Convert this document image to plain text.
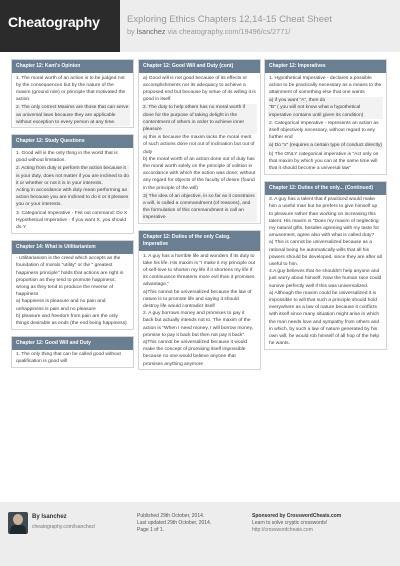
Cheatography	Exploring Ethics Chapters 12,14-15 Cheat Sheet
by lsanchez via cheatography.com/19496/cs/2771/
Chapter 12: Kant's Opinion
1. The moral worth of an action is to be judged not by the consequences but by the nature of the maxim (ground rule) or principle that motivated the action.
2. The only correct Maxims are those that can serve as universal laws because they are applicable without exception to every person at any time.
Chapter 12: Study Questions
1. Good will is the only thing in the world that is good without limitation.
2. Acting from duty is perform the action because it is your duty, does not matter if you are inclined to do it or whether or not it is in your interests.
Acting in accordance with duty mean performing an action because you are inclined to do it or it pleases you or your interests.
3. Categorical Imperative - Fist out command: Do X
Hypothetical Imperative - If you want X, you should do Y
Chapter 14: What is Utilitarianism
- Utilitarianism is the creed which accepts as the foundation of morals "utility" or the " greatest happiness principle" holds that actions are right in proportion as they tend to promote happiness; wrong as they tend to produce the reverse of happiness
a) happiness is pleasure and no pain and unhappiness is pain and no pleasure
b) pleasure and freedom from pain are the only things desirable as ends (the end being happiness)
Chapter 12: Good Will and Duty
1. The only thing that can be called good without qualification is good will
Chapter 12: Good Will and Duty (cont)
a) Good will is not good because of its effects or accomplishments nor its adequacy to achieve a proposed end but because by virtue of its willing it is good in itself
2. The duty to help others has no moral worth if done for the purpose of taking delight in the contentment of others in order to achieve inner pleasure
a) this is because the maxim lacks the moral merit of such actions done not out of inclination but out of duty
b) the moral worth of an action done out of duty has the moral worth solely on the principle of volition in accordance with which the action was done; without any regard for objects of the faculty of desire (found in the principle of the will)
3) The idea of an objective, in so far as it constrains a will, is called a commandment (of reasons), and the formulation of this commandment is call an imperative
Chapter 12: Duties of the only Categ. Imperative
1. A guy has a horrible life and wonders if its duty to take his life. His maxim is "I make it my principle out of self-love to shorten my life if it shortens my life if its continuance threatens more evil than it promises advantage."
a)This cannot be universalized because the law of nature is to promote life and saying it should destroy life would contradict itself
2. A guy borrows money and promises to pay it back but actually intends not to. The maxim of the action is "When I need money, I will borrow money, promise to pay it back but then not pay it back".
a)This cannot be universalized because it would make the concept of promising itself impossible because no one would believe anyone that promises anything anymore
Chapter 12: Imperatives
1. Hypothetical Imperative - declares a possible action to be practically necessary as a means to the attainment of something else that one wants
a) if you want "A", then do
"B" ( you will not know what a hypothetical imperative contains until given its condition)
2. Categorical Imperative - represents an action as itself objectively necessary, without regard to any further end
a) Do "x" (requires a certain type of conduct directly)
b) The ONLY categorical imperative is "Act only on that maxim by which you can at the same time will that it should become a universal law"
Chapter 12: Duties of the only... (Continued)
3. A guy has a talent that if practiced would make him a useful man but he prefers to give himself up to pleasure rather than working on increasing this talent. His maxim is "Does my maxim of neglecting my natural gifts, besides agreeing with my taste for amusement, agree also with what is called duty?
a) This is cannot be universalized because as a rational being he automatically wills that all his powers should be developed, since they are after all useful to him.
4.A guy believes that he shouldn't help anyone and just worry about himself. Now the human race could survive perfectly well if this was universalized.
a) Although the maxim could be universalized it is impossible to will that such a principle should hold everywhere as a law of nature because it conflicts with itself since many situation might arise in which the man needs love and sympathy from others and in which, by such a law of nature generated by his own will, he would rob himself of all hop of the help he wants.
By lsanchez
cheatography.com/lsanchez/
Published 29th October, 2014.
Last updated 29th October, 2014.
Page 1 of 1.
Sponsored by CrosswordCheats.com
Learn to solve cryptic crosswords!
http://crosswordcheats.com
